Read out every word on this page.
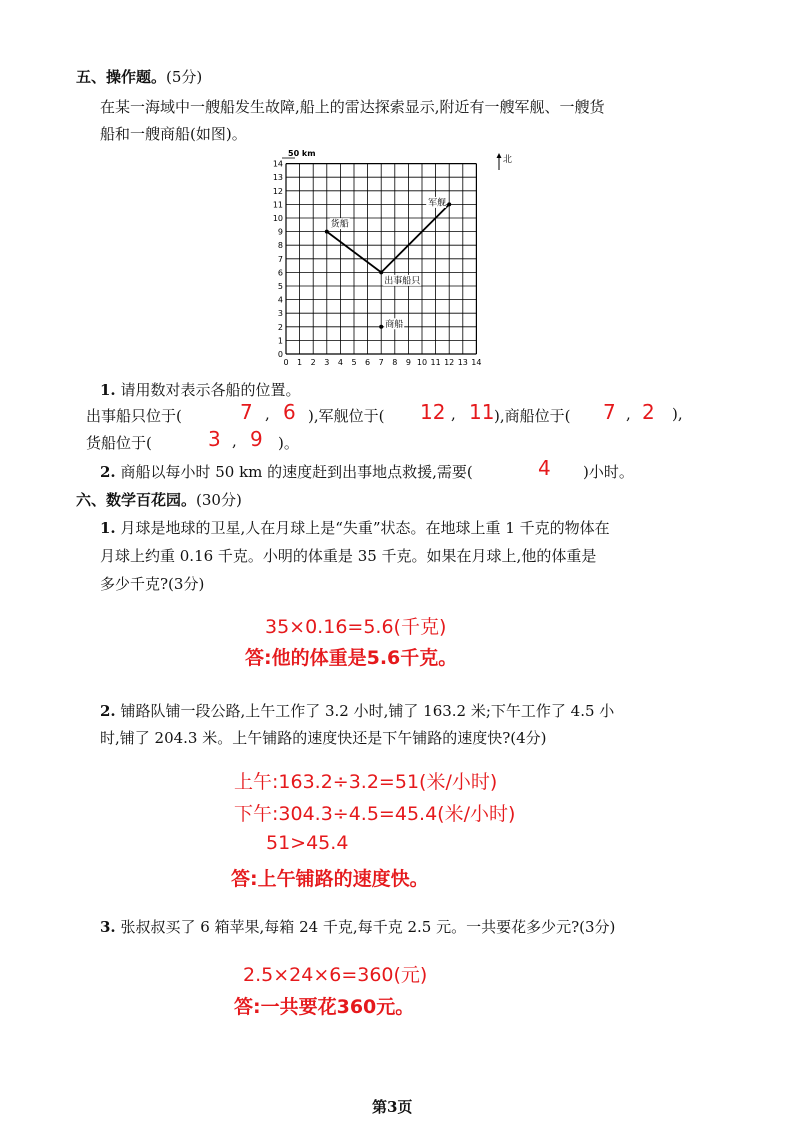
五、操作题。(5分)
在某一海域中一艘船发生故障,船上的雷达探索显示,附近有一艘军舰、一艘货
船和一艘商船(如图)。
0 1 2 3 4 5 6 7 8 9 10 11 12 13 14
0
1
2
3
4
5
6
7
8
9
10
11
12
13
14
货船
出事船只
军舰
商船
50 km
北
1. 请用数对表示各船的位置。
出事船只位于(	7 , 6 ),军舰位于( 12 , 11 ),商船位于( 7 , 2 ),
货船位于(	3 , 9 )。
2. 商船以每小时 50 km 的速度赶到出事地点救援,需要(	4 )小时。
六、数学百花园。(30分)
1. 月球是地球的卫星,人在月球上是“失重”状态。在地球上重 1 千克的物体在
月球上约重 0.16 千克。小明的体重是 35 千克。如果在月球上,他的体重是
多少千克?(3分)
35×0.16=5.6(千克)
答:他的体重是5.6千克。
2. 铺路队铺一段公路,上午工作了 3.2 小时,铺了 163.2 米;下午工作了 4.5 小
时,铺了 204.3 米。上午铺路的速度快还是下午铺路的速度快?(4分)
上午:163.2÷3.2=51(米/小时)
下午:304.3÷4.5=45.4(米/小时)
51>45.4
答:上午铺路的速度快。
3. 张叔叔买了 6 箱苹果,每箱 24 千克,每千克 2.5 元。一共要花多少元?(3分)
2.5×24×6=360(元)
答:一共要花360元。
第3页
